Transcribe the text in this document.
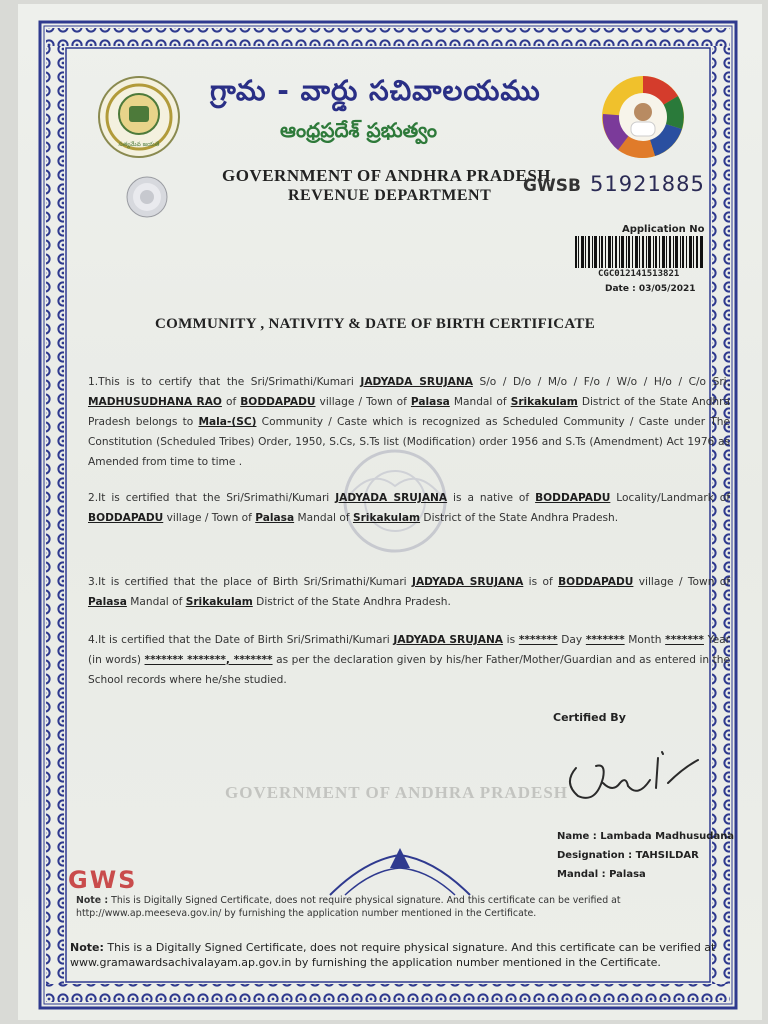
సత్యమేవ జయతే
గ్రామ - వార్డు సచివాలయము
ఆంధ్రప్రదేశ్ ప్రభుత్వం
GOVERNMENT OF ANDHRA PRADESH
REVENUE DEPARTMENT GWSB 51921885
Application No
CGC012141513821
Date : 03/05/2021
COMMUNITY , NATIVITY & DATE OF BIRTH CERTIFICATE
1.This is to certify that the Sri/Srimathi/Kumari JADYADA SRUJANA S/o / D/o / M/o / F/o / W/o / H/o / C/o Sri. MADHUSUDHANA RAO of BODDAPADU village / Town of Palasa Mandal of Srikakulam District of the State Andhra Pradesh belongs to Mala-(SC) Community / Caste which is recognized as Scheduled Community / Caste under The Constitution (Scheduled Tribes) Order, 1950, S.Cs, S.Ts list (Modification) order 1956 and S.Ts (Amendment) Act 1976 as Amended from time to time .
2.It is certified that the Sri/Srimathi/Kumari JADYADA SRUJANA is a native of BODDAPADU Locality/Landmark of BODDAPADU village / Town of Palasa Mandal of Srikakulam District of the State Andhra Pradesh.
3.It is certified that the place of Birth Sri/Srimathi/Kumari JADYADA SRUJANA is of BODDAPADU village / Town of Palasa Mandal of Srikakulam District of the State Andhra Pradesh.
4.It is certified that the Date of Birth Sri/Srimathi/Kumari JADYADA SRUJANA is ******* Day ******* Month ******* Year (in words) ******* *******, ******* as per the declaration given by his/her Father/Mother/Guardian and as entered in the School records where he/she studied.
Certified By
GOVERNMENT OF ANDHRA PRADESH
Name : Lambada Madhusudana
Designation : TAHSILDAR
Mandal : Palasa
GWS
Note : This is Digitally Signed Certificate, does not require physical signature. And this certificate can be verified at http://www.ap.meeseva.gov.in/ by furnishing the application number mentioned in the Certificate.
Note: This is a Digitally Signed Certificate, does not require physical signature. And this certificate can be verified at www.gramawardsachivalayam.ap.gov.in by furnishing the application number mentioned in the Certificate.
